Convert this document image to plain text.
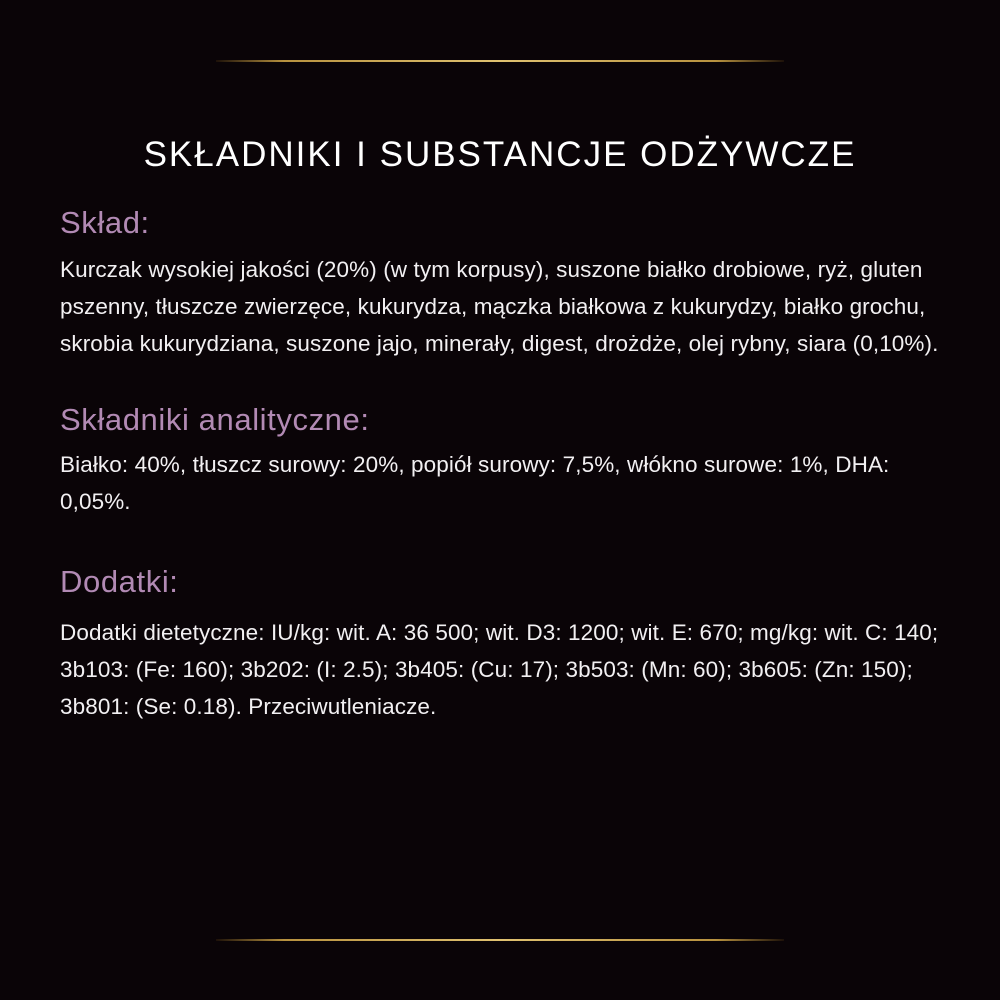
SKŁADNIKI I SUBSTANCJE ODŻYWCZE
Skład:

Kurczak wysokiej jakości (20%) (w tym korpusy), suszone białko drobiowe, ryż, gluten pszenny, tłuszcze zwierzęce, kukurydza, mączka białkowa z kukurydzy, białko grochu, skrobia kukurydziana, suszone jajo, minerały, digest, drożdże, olej rybny, siara (0,10%).

Składniki analityczne:

Białko: 40%, tłuszcz surowy: 20%, popiół surowy: 7,5%, włókno surowe: 1%, DHA: 0,05%.

Dodatki:

Dodatki dietetyczne: IU/kg: wit. A: 36 500; wit. D3: 1200; wit. E: 670; mg/kg: wit. C: 140; 3b103: (Fe: 160); 3b202: (I: 2.5); 3b405: (Cu: 17); 3b503: (Mn: 60); 3b605: (Zn: 150); 3b801: (Se: 0.18). Przeciwutleniacze.
